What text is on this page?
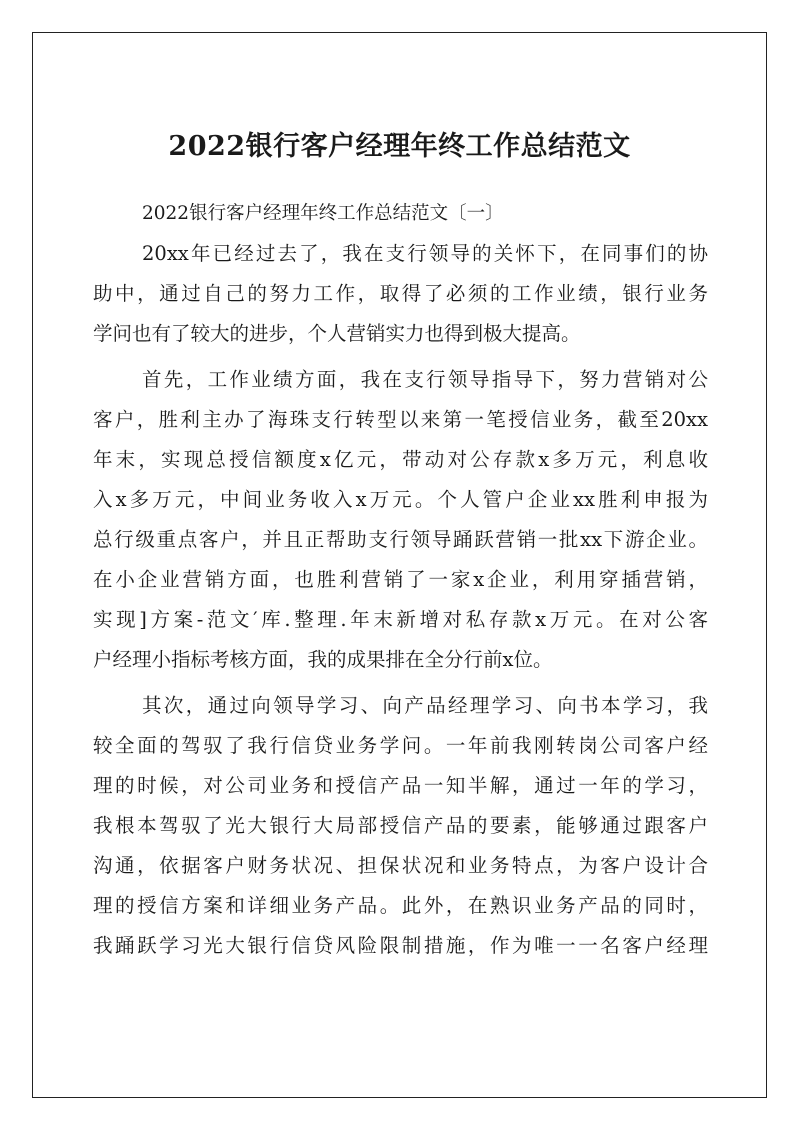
2022银行客户经理年终工作总结范文
2022银行客户经理年终工作总结范文〔一〕
20xx年已经过去了，我在支行领导的关怀下，在同事们的协
助中，通过自己的努力工作，取得了必须的工作业绩，银行业务
学问也有了较大的进步，个人营销实力也得到极大提高。
首先，工作业绩方面，我在支行领导指导下，努力营销对公
客户，胜利主办了海珠支行转型以来第一笔授信业务，截至20xx
年末，实现总授信额度x亿元，带动对公存款x多万元，利息收
入x多万元，中间业务收入x万元。个人管户企业xx胜利申报为
总行级重点客户，并且正帮助支行领导踊跃营销一批xx下游企业。
在小企业营销方面，也胜利营销了一家x企业，利用穿插营销，
实现]方案-范文′库.整理.年末新增对私存款x万元。在对公客
户经理小指标考核方面，我的成果排在全分行前x位。
其次，通过向领导学习、向产品经理学习、向书本学习，我
较全面的驾驭了我行信贷业务学问。一年前我刚转岗公司客户经
理的时候，对公司业务和授信产品一知半解，通过一年的学习，
我根本驾驭了光大银行大局部授信产品的要素，能够通过跟客户
沟通，依据客户财务状况、担保状况和业务特点，为客户设计合
理的授信方案和详细业务产品。此外，在熟识业务产品的同时，
我踊跃学习光大银行信贷风险限制措施，作为唯一一名客户经理
